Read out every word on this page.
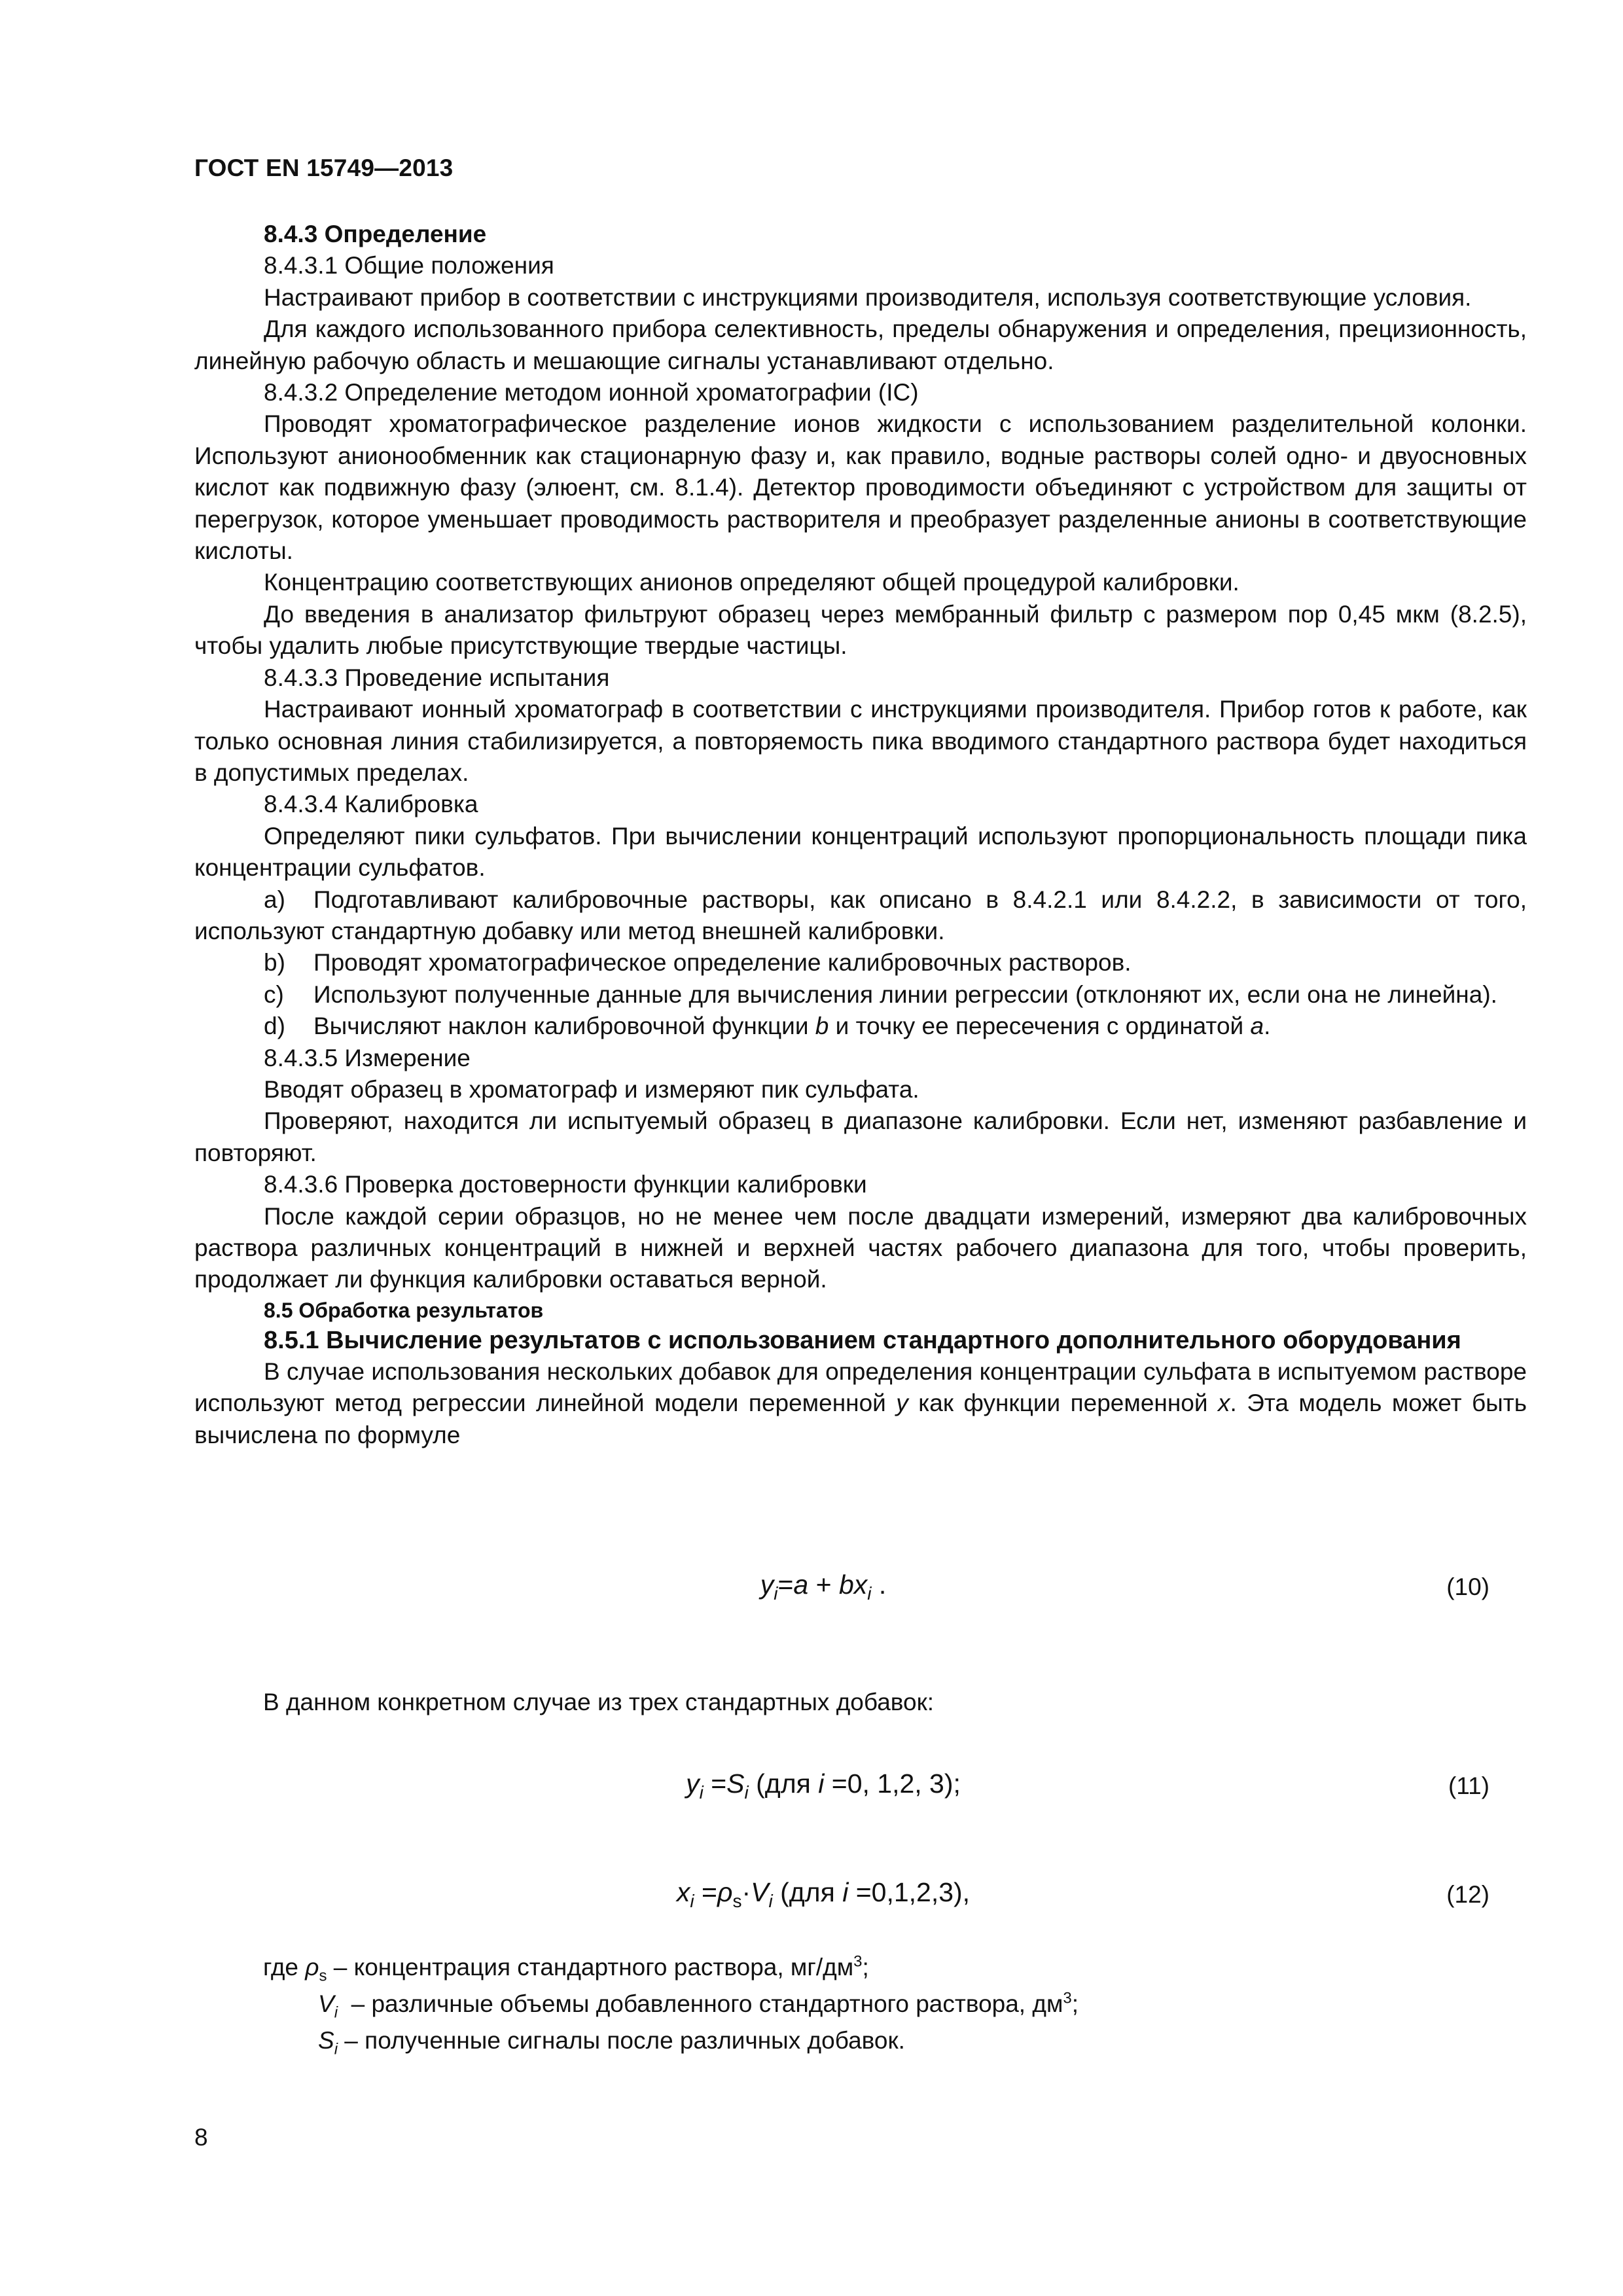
ГОСТ EN 15749—2013

8.4.3 Определение

8.4.3.1 Общие положения

Настраивают прибор в соответствии с инструкциями производителя, используя соответствующие условия.

Для каждого использованного прибора селективность, пределы обнаружения и определения, прецизионность, линейную рабочую область и мешающие сигналы устанавливают отдельно.

8.4.3.2 Определение методом ионной хроматографии (IC)

Проводят хроматографическое разделение ионов жидкости с использованием разделительной колонки. Используют анионообменник как стационарную фазу и, как правило, водные растворы солей одно- и двуосновных кислот как подвижную фазу (элюент, см. 8.1.4). Детектор проводимости объединяют с устройством для защиты от перегрузок, которое уменьшает проводимость растворителя и преобразует разделенные анионы в соответствующие кислоты.

Концентрацию соответствующих анионов определяют общей процедурой калибровки.

До введения в анализатор фильтруют образец через мембранный фильтр с размером пор 0,45 мкм (8.2.5), чтобы удалить любые присутствующие твердые частицы.

8.4.3.3 Проведение испытания

Настраивают ионный хроматограф в соответствии с инструкциями производителя. Прибор готов к работе, как только основная линия стабилизируется, а повторяемость пика вводимого стандартного раствора будет находиться в допустимых пределах.

8.4.3.4 Калибровка

Определяют пики сульфатов. При вычислении концентраций используют пропорциональность площади пика концентрации сульфатов.

a) Подготавливают калибровочные растворы, как описано в 8.4.2.1 или 8.4.2.2, в зависимости от того, используют стандартную добавку или метод внешней калибровки.

b) Проводят хроматографическое определение калибровочных растворов.

c) Используют полученные данные для вычисления линии регрессии (отклоняют их, если она не линейна).

d) Вычисляют наклон калибровочной функции b и точку ее пересечения с ординатой a.

8.4.3.5 Измерение

Вводят образец в хроматограф и измеряют пик сульфата.

Проверяют, находится ли испытуемый образец в диапазоне калибровки. Если нет, изменяют разбавление и повторяют.

8.4.3.6 Проверка достоверности функции калибровки

После каждой серии образцов, но не менее чем после двадцати измерений, измеряют два калибровочных раствора различных концентраций в нижней и верхней частях рабочего диапазона для того, чтобы проверить, продолжает ли функция калибровки оставаться верной.

8.5 Обработка результатов

8.5.1 Вычисление результатов с использованием стандартного дополнительного оборудования

В случае использования нескольких добавок для определения концентрации сульфата в испытуемом растворе используют метод регрессии линейной модели переменной y как функции переменной x. Эта модель может быть вычислена по формуле

$y_i=a + bx_i$ .	(10)
В данном конкретном случае из трех стандартных добавок:
$y_i =S_i$ (для i =0, 1,2, 3);	(11)
$x_i =\rho_s\cdot V_i$ (для i =0,1,2,3),	(12)
где $\rho_s$ – концентрация стандартного раствора, $мг/дм^3$;
$V_i$  – различные объемы добавленного стандартного раствора, $дм^3$;
$S_i$ – полученные сигналы после различных добавок.
8
